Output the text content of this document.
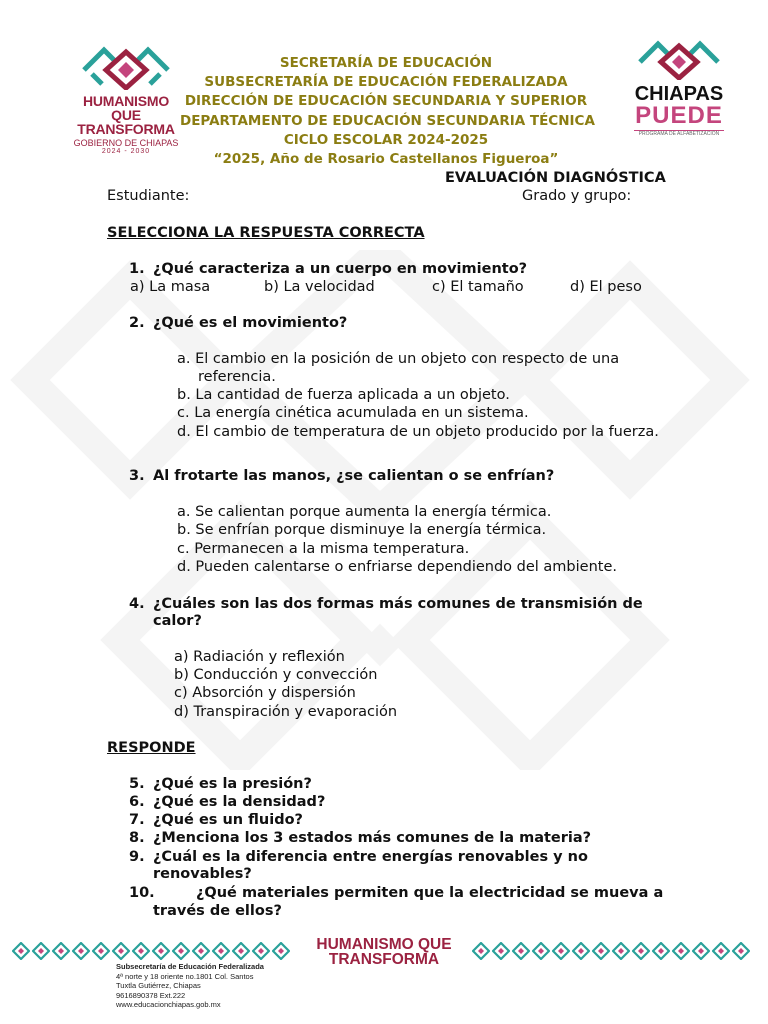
HUMANISMO QUE
TRANSFORMA
GOBIERNO DE CHIAPAS
2024 - 2030
CHIAPAS
PUEDE
PROGRAMA DE ALFABETIZACIÓN
SECRETARÍA DE EDUCACIÓN
SUBSECRETARÍA DE EDUCACIÓN FEDERALIZADA
DIRECCIÓN DE EDUCACIÓN SECUNDARIA Y SUPERIOR
DEPARTAMENTO DE EDUCACIÓN SECUNDARIA TÉCNICA
CICLO ESCOLAR 2024-2025
“2025, Año de Rosario Castellanos Figueroa”
EVALUACIÓN DIAGNÓSTICA
Estudiante:	Grado y grupo:
SELECCIONA LA RESPUESTA CORRECTA
1. ¿Qué caracteriza a un cuerpo en movimiento?
a) La masa	b) La velocidad	c) El tamaño	d) El peso
2. ¿Qué es el movimiento?
a. El cambio en la posición de un objeto con respecto de una
referencia.
b. La cantidad de fuerza aplicada a un objeto.
c. La energía cinética acumulada en un sistema.
d. El cambio de temperatura de un objeto producido por la fuerza.
3. Al frotarte las manos, ¿se calientan o se enfrían?
a. Se calientan porque aumenta la energía térmica.
b. Se enfrían porque disminuye la energía térmica.
c. Permanecen a la misma temperatura.
d. Pueden calentarse o enfriarse dependiendo del ambiente.
4. ¿Cuáles son las dos formas más comunes de transmisión de
calor?
a) Radiación y reflexión
b) Conducción y convección
c) Absorción y dispersión
d) Transpiración y evaporación
RESPONDE
5. ¿Qué es la presión?
6. ¿Qué es la densidad?
7. ¿Qué es un fluido?
8. ¿Menciona los 3 estados más comunes de la materia?
9. ¿Cuál es la diferencia entre energías renovables y no
renovables?
10.	¿Qué materiales permiten que la electricidad se mueva a
través de ellos?
HUMANISMO QUE
TRANSFORMA
Subsecretaría de Educación Federalizada
4ª norte y 18 oriente no.1801 Col. Santos
Tuxtla Gutiérrez, Chiapas
9616890378 Ext.222
www.educacionchiapas.gob.mx
